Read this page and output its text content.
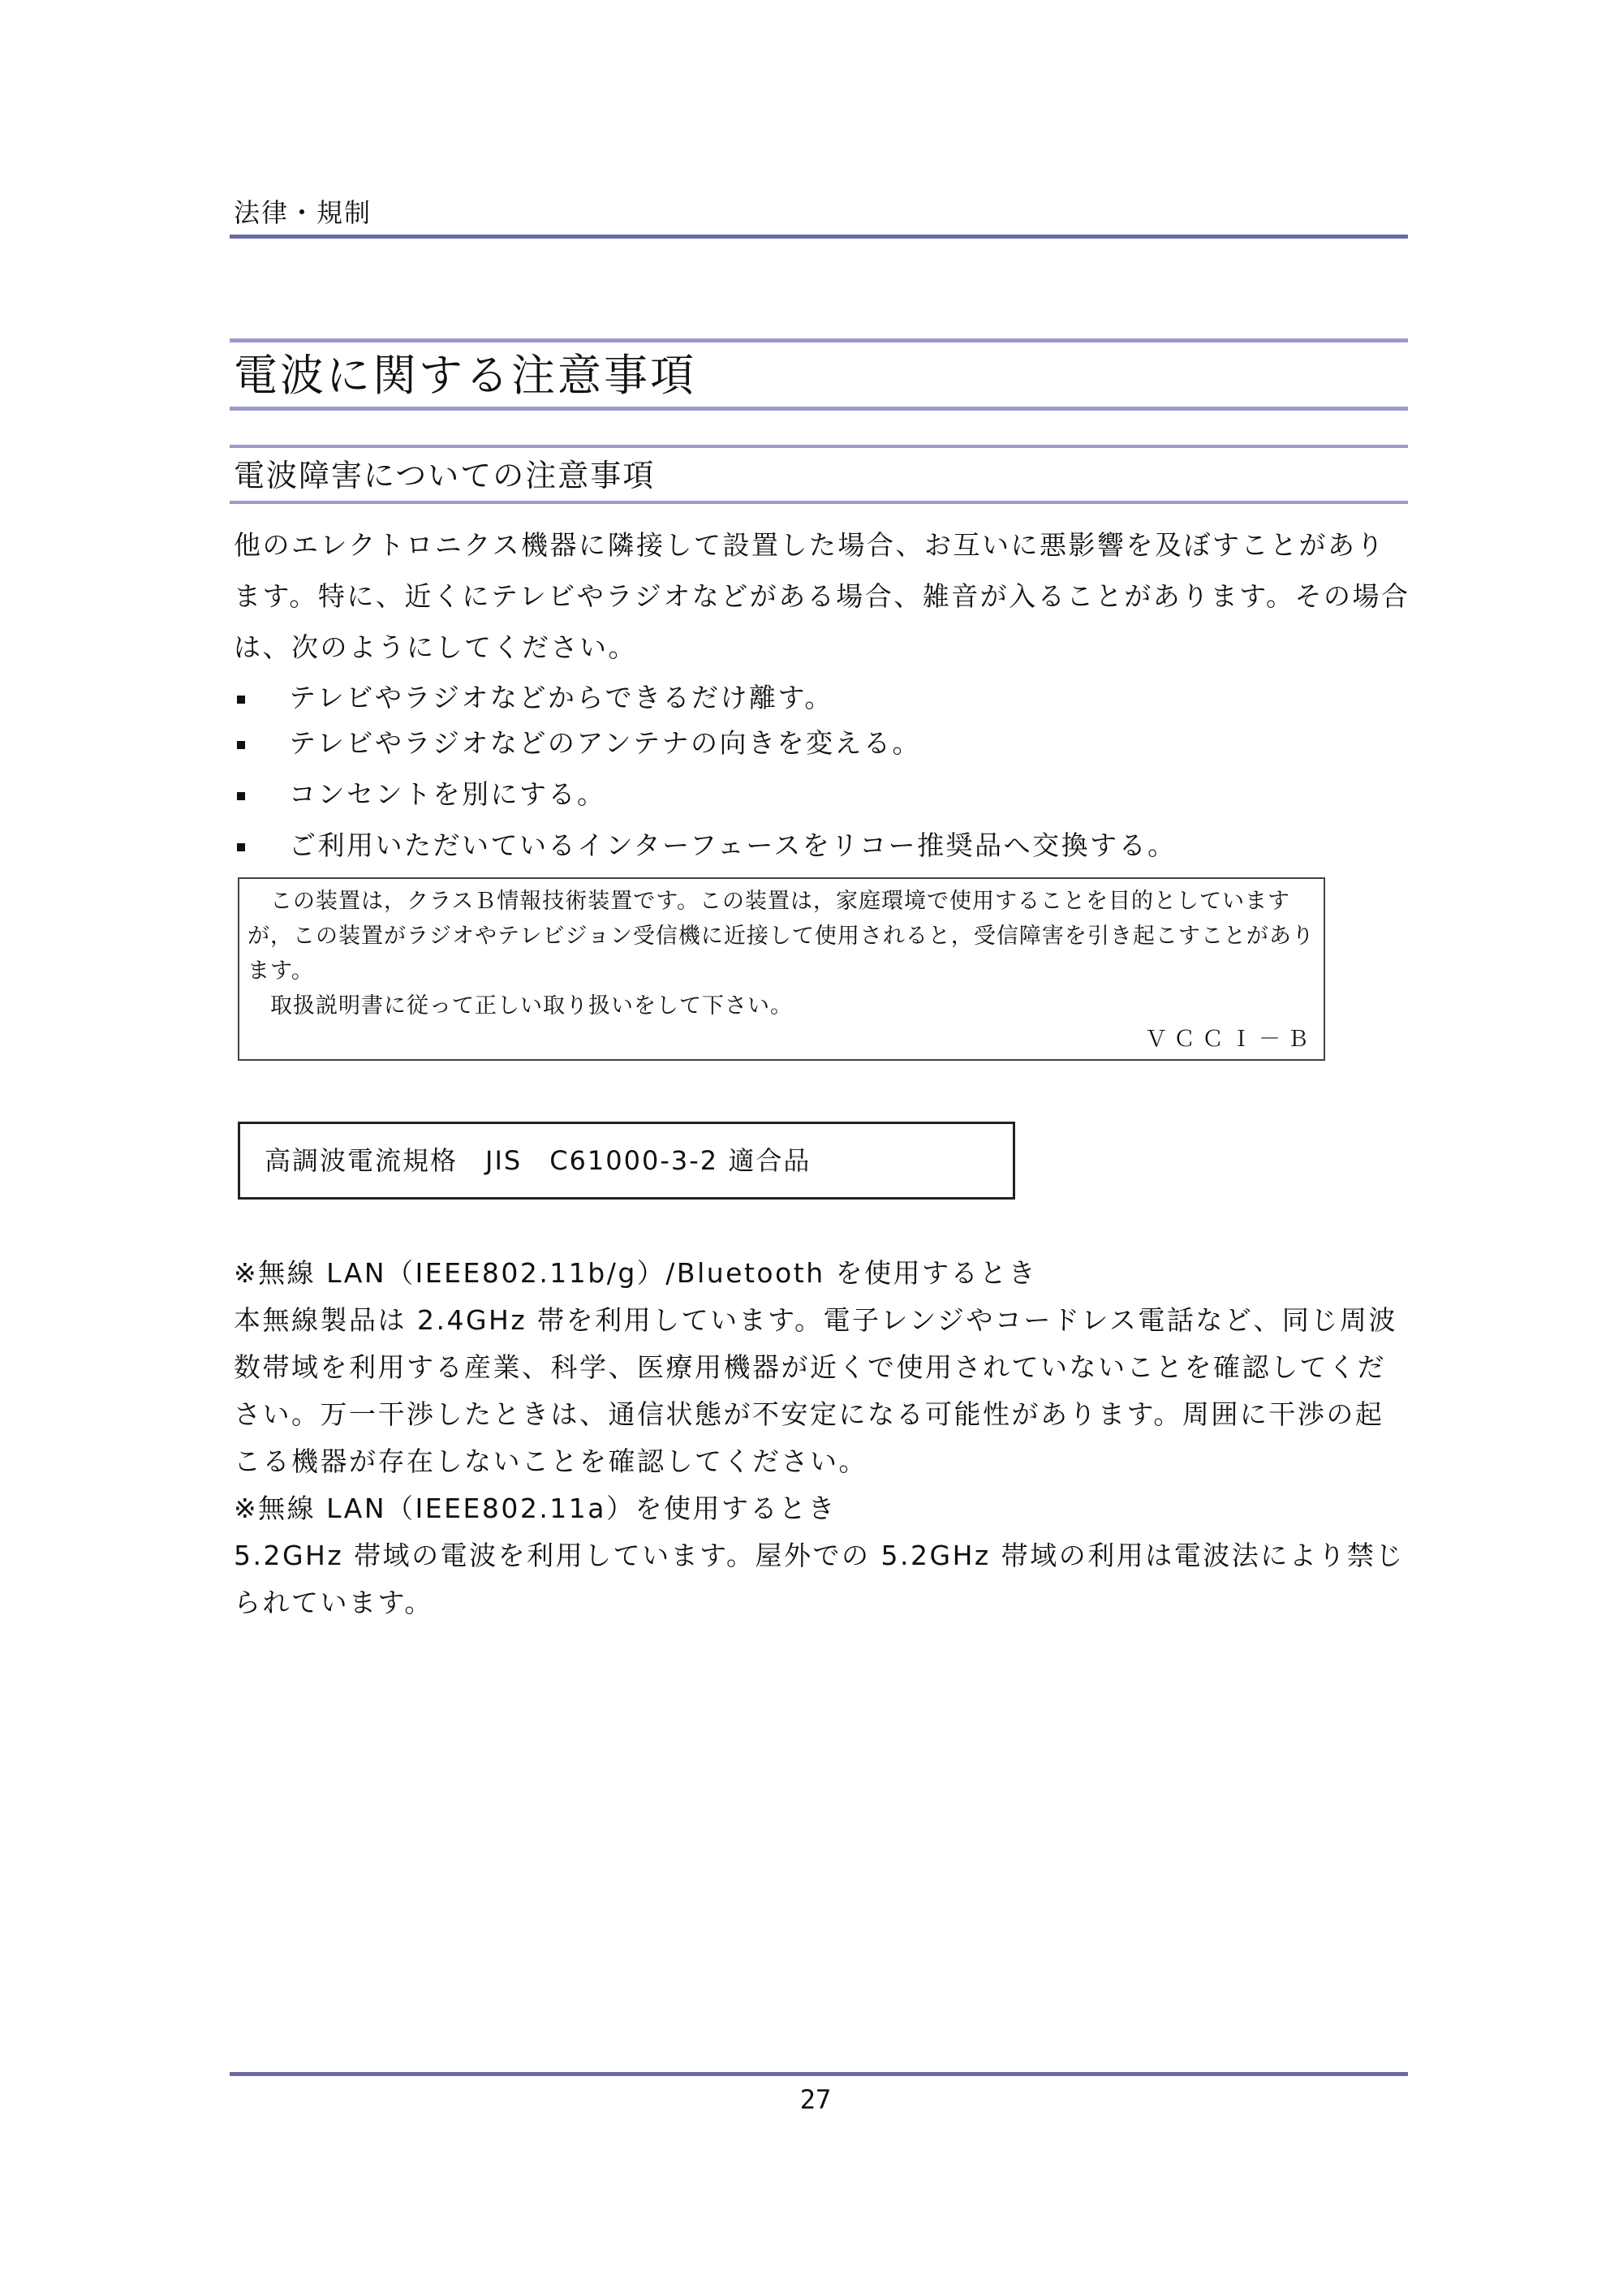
法律・規制
電波に関する注意事項
電波障害についての注意事項

他のエレクトロニクス機器に隣接して設置した場合、お互いに悪影響を及ぼすことがあります。特に、近くにテレビやラジオなどがある場合、雑音が入ることがあります。その場合は、次のようにしてください。

テレビやラジオなどからできるだけ離す。
テレビやラジオなどのアンテナの向きを変える。
コンセントを別にする。
ご利用いただいているインターフェースをリコー推奨品へ交換する。
　この装置は，クラスＢ情報技術装置です。この装置は，家庭環境で使用することを目的としていますが，この装置がラジオやテレビジョン受信機に近接して使用されると，受信障害を引き起こすことがあります。
　取扱説明書に従って正しい取り扱いをして下さい。
ＶＣＣＩ－Ｂ
高調波電流規格　JIS　C61000-3-2 適合品
※無線 LAN（IEEE802.11b/g）/Bluetooth を使用するとき
本無線製品は 2.4GHz 帯を利用しています。電子レンジやコードレス電話など、同じ周波数帯域を利用する産業、科学、医療用機器が近くで使用されていないことを確認してください。万一干渉したときは、通信状態が不安定になる可能性があります。周囲に干渉の起こる機器が存在しないことを確認してください。
※無線 LAN（IEEE802.11a）を使用するとき
5.2GHz 帯域の電波を利用しています。屋外での 5.2GHz 帯域の利用は電波法により禁じられています。
27
